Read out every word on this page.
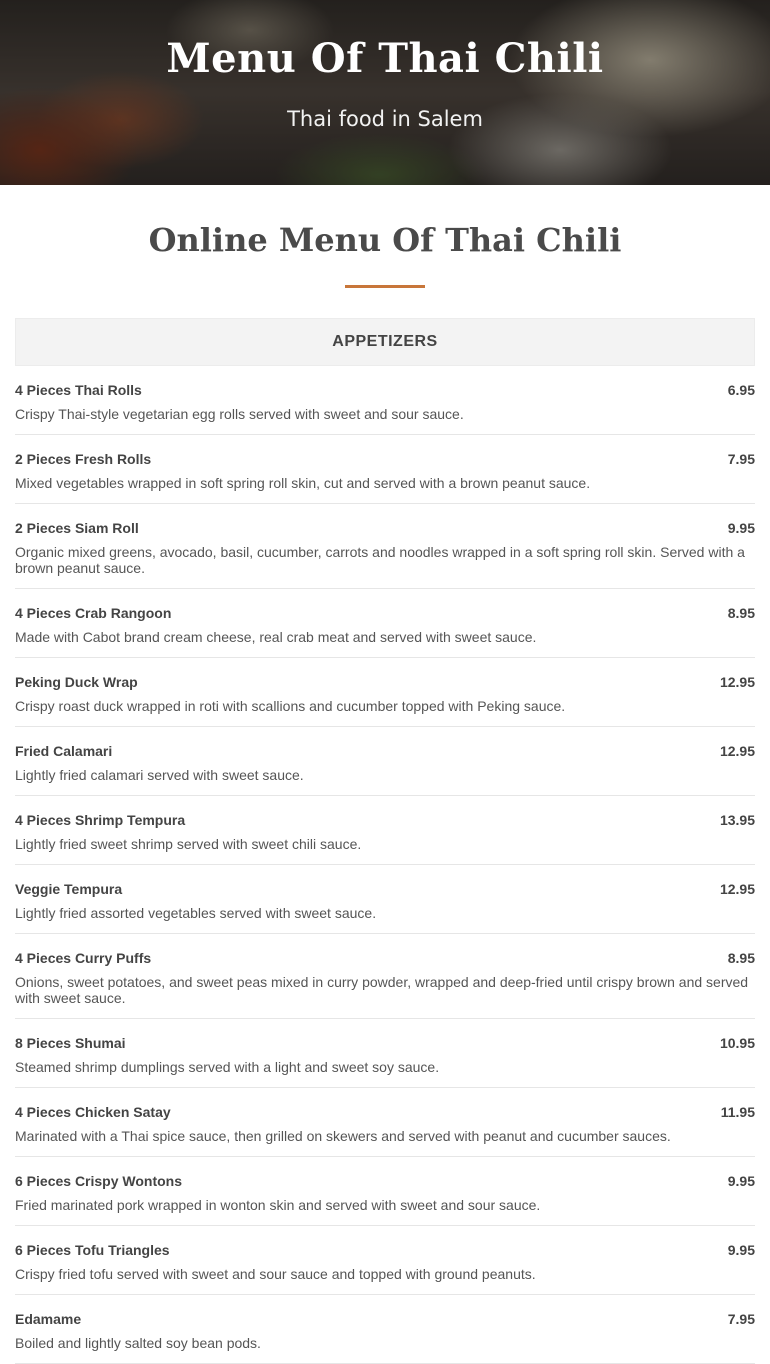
Menu Of Thai Chili
Thai food in Salem
Online Menu Of Thai Chili
APPETIZERS
4 Pieces Thai Rolls	6.95
Crispy Thai-style vegetarian egg rolls served with sweet and sour sauce.
2 Pieces Fresh Rolls	7.95
Mixed vegetables wrapped in soft spring roll skin, cut and served with a brown peanut sauce.
2 Pieces Siam Roll	9.95
Organic mixed greens, avocado, basil, cucumber, carrots and noodles wrapped in a soft spring roll skin. Served with a brown peanut sauce.
4 Pieces Crab Rangoon	8.95
Made with Cabot brand cream cheese, real crab meat and served with sweet sauce.
Peking Duck Wrap	12.95
Crispy roast duck wrapped in roti with scallions and cucumber topped with Peking sauce.
Fried Calamari	12.95
Lightly fried calamari served with sweet sauce.
4 Pieces Shrimp Tempura	13.95
Lightly fried sweet shrimp served with sweet chili sauce.
Veggie Tempura	12.95
Lightly fried assorted vegetables served with sweet sauce.
4 Pieces Curry Puffs	8.95
Onions, sweet potatoes, and sweet peas mixed in curry powder, wrapped and deep-fried until crispy brown and served with sweet sauce.
8 Pieces Shumai	10.95
Steamed shrimp dumplings served with a light and sweet soy sauce.
4 Pieces Chicken Satay	11.95
Marinated with a Thai spice sauce, then grilled on skewers and served with peanut and cucumber sauces.
6 Pieces Crispy Wontons	9.95
Fried marinated pork wrapped in wonton skin and served with sweet and sour sauce.
6 Pieces Tofu Triangles	9.95
Crispy fried tofu served with sweet and sour sauce and topped with ground peanuts.
Edamame	7.95
Boiled and lightly salted soy bean pods.
